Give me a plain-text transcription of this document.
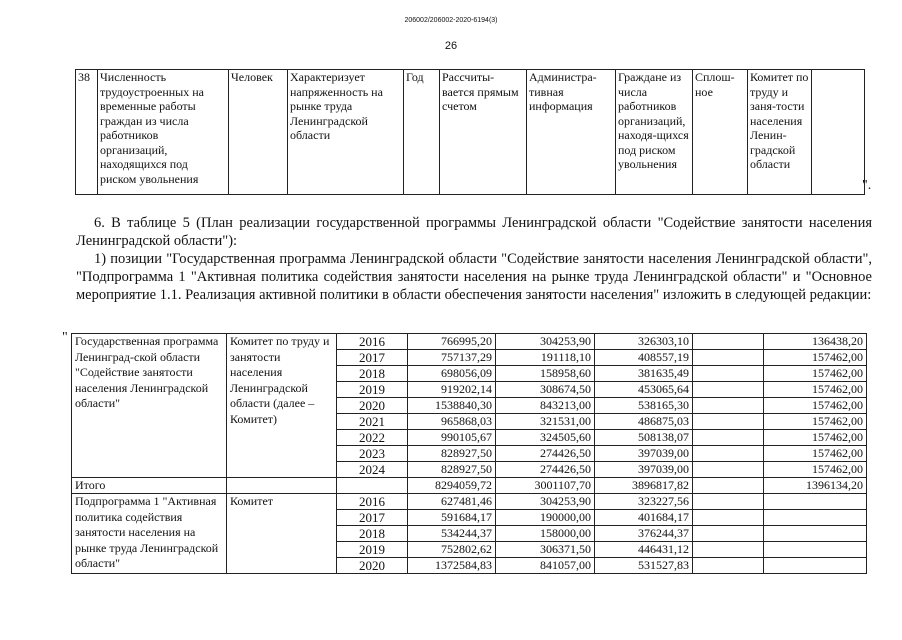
206002/206002-2020-6194(3)
26
38	Численность трудоустроенных на временные работы граждан из числа работников организаций, находящихся под риском увольнения	Человек	Характеризует напряженность на рынке труда Ленинградской области	Год	Рассчиты-вается прямым счетом	Администра-тивная информация	Граждане из числа работников организаций, находя-щихся под риском увольнения	Сплош-ное	Комитет по труду и заня-тости населения Ленин-градской области	
".
6. В таблице 5 (План реализации государственной программы Ленинградской области "Содействие занятости населения Ленинградской области"):
1) позиции "Государственная программа Ленинградской области "Содействие занятости населения Ленинградской области", "Подпрограмма 1 "Активная политика содействия занятости населения на рынке труда Ленинградской области" и "Основное мероприятие 1.1. Реализация активной политики в области обеспечения занятости населения" изложить в следующей редакции:
" Государственная программа Ленинград-ской области "Содействие занятости населения Ленинградской области"	Комитет по труду и занятости населения Ленинградской области (далее – Комитет)	2016	766995,20	304253,90	326303,10		136438,20
		2017	757137,29	191118,10	408557,19		157462,00
		2018	698056,09	158958,60	381635,49		157462,00
		2019	919202,14	308674,50	453065,64		157462,00
		2020	1538840,30	843213,00	538165,30		157462,00
		2021	965868,03	321531,00	486875,03		157462,00
		2022	990105,67	324505,60	508138,07		157462,00
		2023	828927,50	274426,50	397039,00		157462,00
		2024	828927,50	274426,50	397039,00		157462,00
Итого			8294059,72	3001107,70	3896817,82		1396134,20
Подпрограмма 1 "Активная политика содействия занятости населения на рынке труда Ленинградской области"	Комитет	2016	627481,46	304253,90	323227,56		
		2017	591684,17	190000,00	401684,17		
		2018	534244,37	158000,00	376244,37		
		2019	752802,62	306371,50	446431,12		
		2020	1372584,83	841057,00	531527,83		
